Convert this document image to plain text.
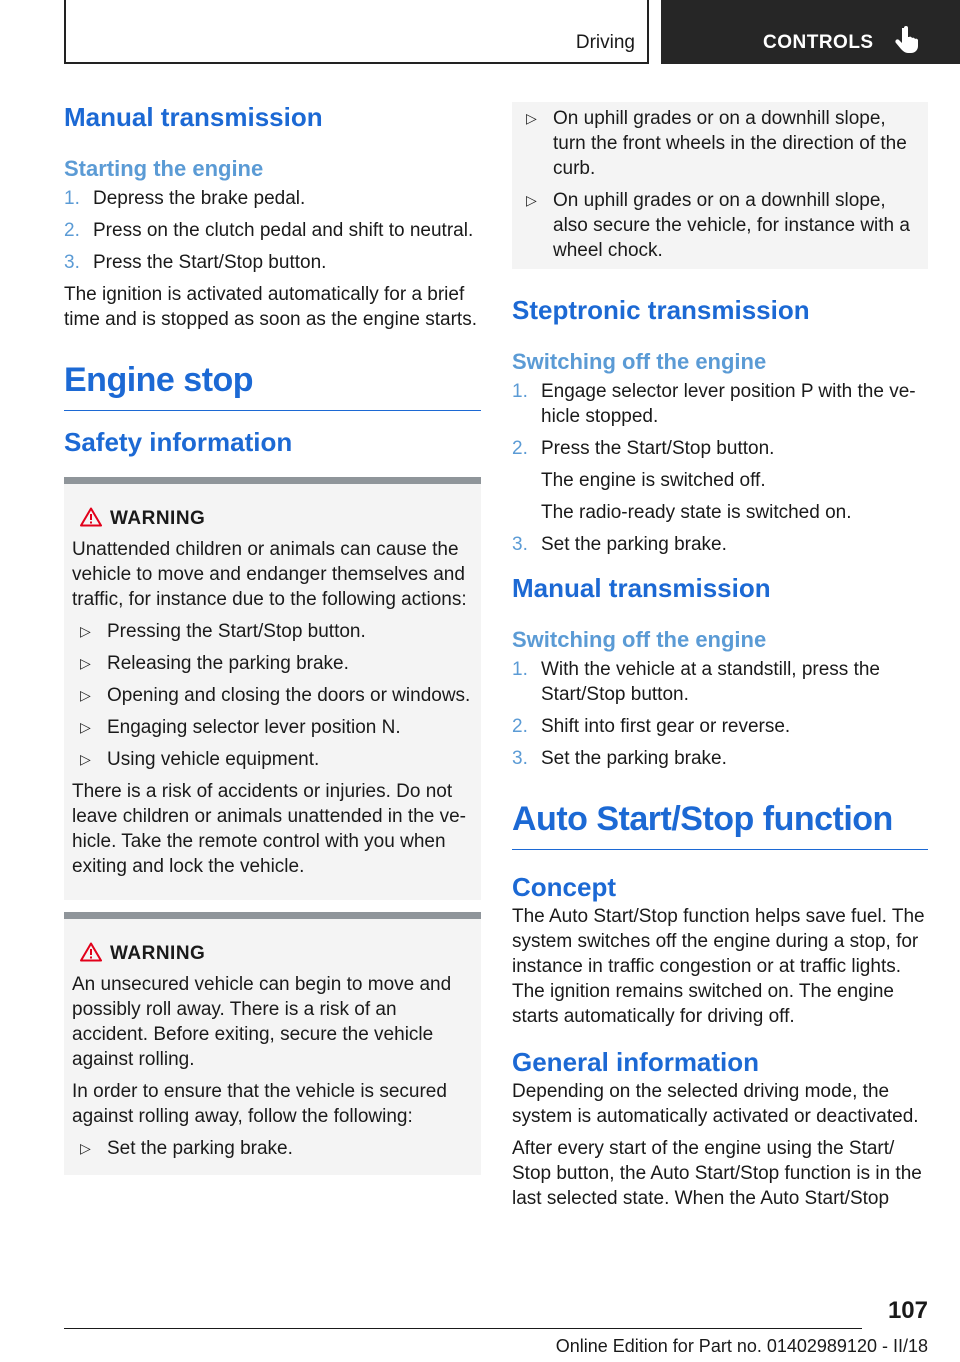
Driving	CONTROLS
Manual transmission
Starting the engine
1. Depress the brake pedal.
2. Press on the clutch pedal and shift to neutral.
3. Press the Start/Stop button.

The ignition is activated automatically for a brief time and is stopped as soon as the engine starts.

Engine stop
Safety information
WARNING

Unattended children or animals can cause the vehicle to move and endanger themselves and traffic, for instance due to the following actions:

▷ Pressing the Start/Stop button.
▷ Releasing the parking brake.
▷ Opening and closing the doors or windows.
▷ Engaging selector lever position N.
▷ Using vehicle equipment.

There is a risk of accidents or injuries. Do not leave children or animals unattended in the vehicle. Take the remote control with you when exiting and lock the vehicle.

WARNING

An unsecured vehicle can begin to move and possibly roll away. There is a risk of an accident. Before exiting, secure the vehicle against rolling.

In order to ensure that the vehicle is secured against rolling away, follow the following:

▷ Set the parking brake.
▷ On uphill grades or on a downhill slope, turn the front wheels in the direction of the curb.
▷ On uphill grades or on a downhill slope, also secure the vehicle, for instance with a wheel chock.
Steptronic transmission
Switching off the engine
1. Engage selector lever position P with the vehicle stopped.
2. Press the Start/Stop button.
The engine is switched off.
The radio-ready state is switched on.
3. Set the parking brake.
Manual transmission
Switching off the engine
1. With the vehicle at a standstill, press the Start/Stop button.
2. Shift into first gear or reverse.
3. Set the parking brake.
Auto Start/Stop function
Concept

The Auto Start/Stop function helps save fuel. The system switches off the engine during a stop, for instance in traffic congestion or at traffic lights. The ignition remains switched on. The engine starts automatically for driving off.

General information

Depending on the selected driving mode, the system is automatically activated or deactivated.

After every start of the engine using the Start/ Stop button, the Auto Start/Stop function is in the last selected state. When the Auto Start/Stop

107
Online Edition for Part no. 01402989120 - II/18
